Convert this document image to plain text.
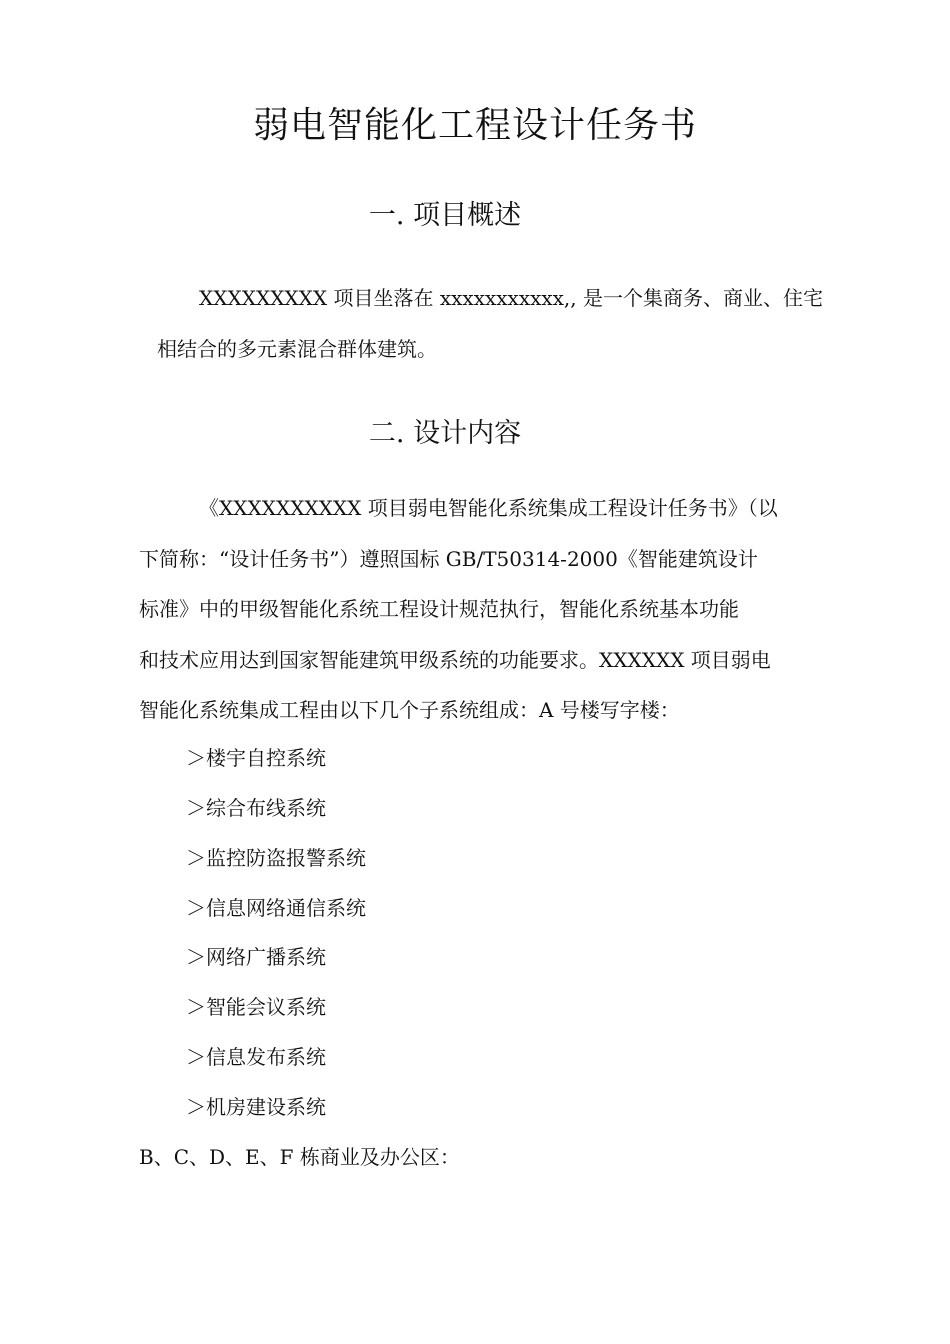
弱电智能化工程设计任务书
一. 项目概述
XXXXXXXXX 项目坐落在 xxxxxxxxxxx,, 是一个集商务、商业、住宅
相结合的多元素混合群体建筑。
二. 设计内容
《XXXXXXXXXX 项目弱电智能化系统集成工程设计任务书》（以
下简称：“设计任务书”）遵照国标 GB/T50314-2000《智能建筑设计
标准》中的甲级智能化系统工程设计规范执行，智能化系统基本功能
和技术应用达到国家智能建筑甲级系统的功能要求。XXXXXX 项目弱电
智能化系统集成工程由以下几个子系统组成：A 号楼写字楼：
＞楼宇自控系统
＞综合布线系统
＞监控防盗报警系统
＞信息网络通信系统
＞网络广播系统
＞智能会议系统
＞信息发布系统
＞机房建设系统
B、C、D、E、F 栋商业及办公区：
